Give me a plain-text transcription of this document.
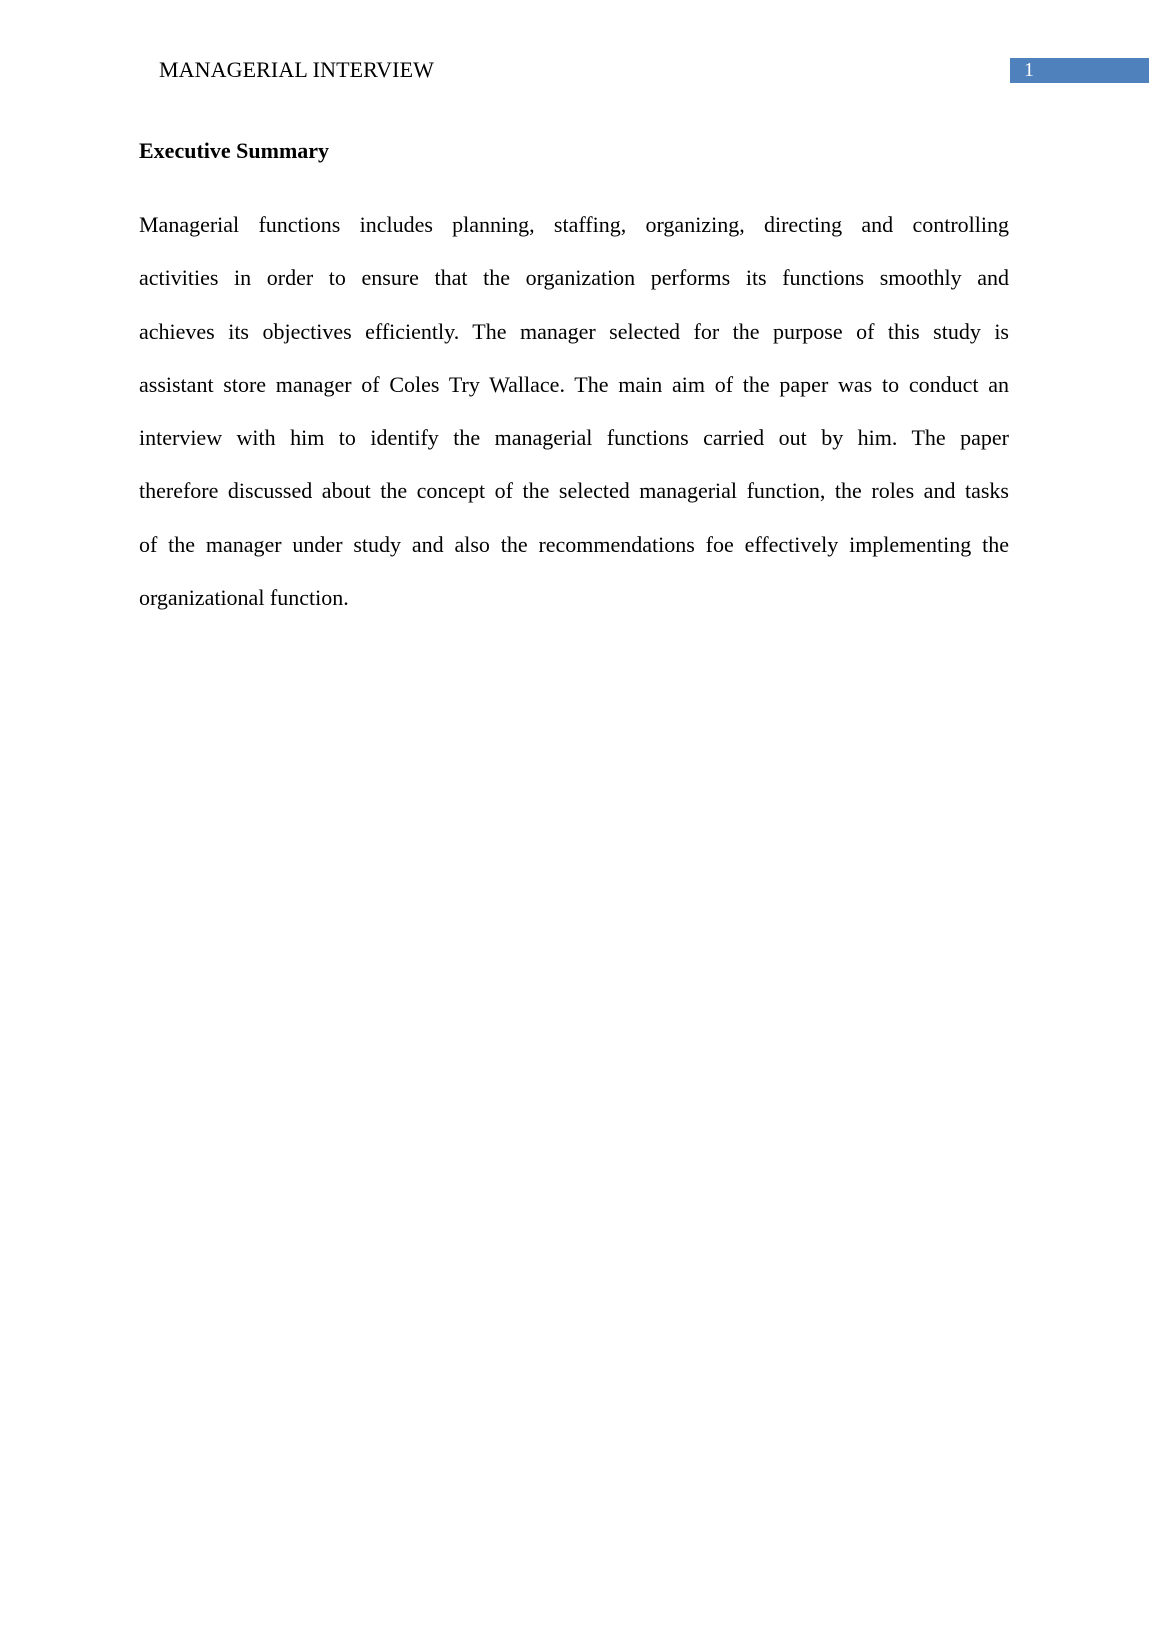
MANAGERIAL INTERVIEW	1
Executive Summary
Managerial functions includes planning, staffing, organizing, directing and controlling
activities in order to ensure that the organization performs its functions smoothly and
achieves its objectives efficiently. The manager selected for the purpose of this study is
assistant store manager of Coles Try Wallace. The main aim of the paper was to conduct an
interview with him to identify the managerial functions carried out by him. The paper
therefore discussed about the concept of the selected managerial function, the roles and tasks
of the manager under study and also the recommendations foe effectively implementing the
organizational function.
